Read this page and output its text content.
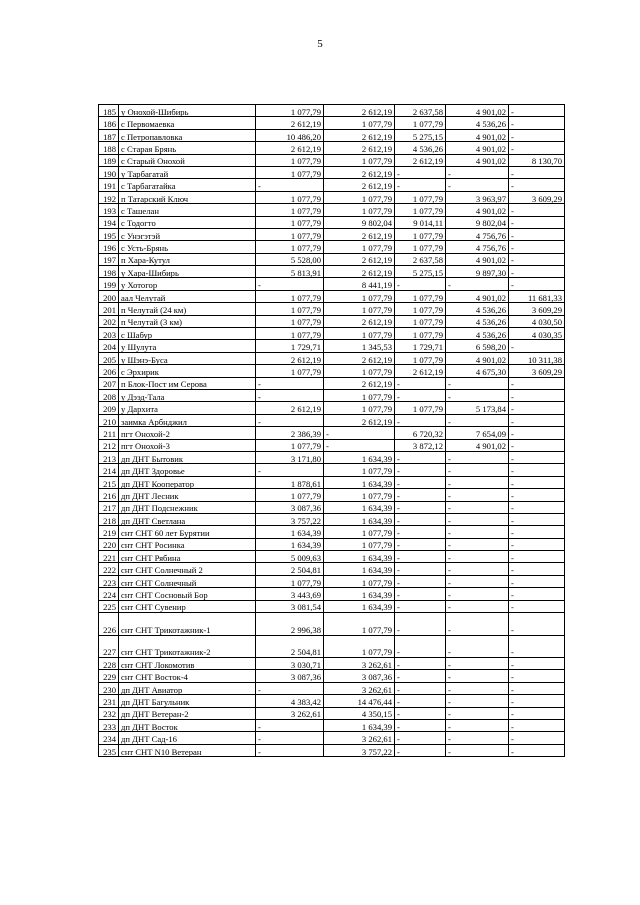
5
185	у Онохой-Шибирь	1 077,79	2 612,19	2 637,58	4 901,02	-

186	с Первомаевка	2 612,19	1 077,79	1 077,79	4 536,26	-

187	с Петропавловка	10 486,20	2 612,19	5 275,15	4 901,02	-

188	с Старая Брянь	2 612,19	2 612,19	4 536,26	4 901,02	-

189	с Старый Онохой	1 077,79	1 077,79	2 612,19	4 901,02	8 130,70
190	у Тарбагатай	1 077,79	2 612,19	-	-	-

191	с Тарбагатайка	-	2 612,19	-	-	-

192	п Татарский Ключ	1 077,79	1 077,79	1 077,79	3 963,97	3 609,29
193	с Ташелан	1 077,79	1 077,79	1 077,79	4 901,02	-

194	с Тодогто	1 077,79	9 802,04	9 014,11	9 802,04	-

195	с Унэгэтэй	1 077,79	2 612,19	1 077,79	4 756,76	-

196	с Усть-Брянь	1 077,79	1 077,79	1 077,79	4 756,76	-

197	п Хара-Кутул	5 528,00	2 612,19	2 637,58	4 901,02	-

198	у Хара-Шибирь	5 813,91	2 612,19	5 275,15	9 897,30	-

199	у Хотогор	-	8 441,19	-	-	-

200	аал Челутай	1 077,79	1 077,79	1 077,79	4 901,02	11 681,33
201	п Челутай (24 км)	1 077,79	1 077,79	1 077,79	4 536,26	3 609,29
202	п Челутай (3 км)	1 077,79	2 612,19	1 077,79	4 536,26	4 030,50
203	с Шабур	1 077,79	1 077,79	1 077,79	4 536,26	4 030,35
204	у Шулута	1 729,71	1 345,53	1 729,71	6 598,20	-

205	у Шэнэ-Буса	2 612,19	2 612,19	1 077,79	4 901,02	10 311,38
206	с Эрхирик	1 077,79	1 077,79	2 612,19	4 675,30	3 609,29
207	п Блок-Пост им Серова	-	2 612,19	-	-	-

208	у Дээд-Тала	-	1 077,79	-	-	-

209	у Дархита	2 612,19	1 077,79	1 077,79	5 173,84	-

210	заимка Арбнджил	-	2 612,19	-	-	-

211	пгт Онохой-2	2 386,39	-	6 720,32	7 654,09	-

212	пгт Онохой-3	1 077,79	-	3 872,12	4 901,02	-

213	дп ДНТ Бытовик	3 171,80	1 634,39	-	-	-

214	дп ДНТ Здоровье	-	1 077,79	-	-	-

215	дп ДНТ Кооператор	1 878,61	1 634,39	-	-	-

216	дп ДНТ Лесник	1 077,79	1 077,79	-	-	-

217	дп ДНТ Подснежник	3 087,36	1 634,39	-	-	-

218	дп ДНТ Светлана	3 757,22	1 634,39	-	-	-

219	снт СНТ 60 лет Бурятии	1 634,39	1 077,79	-	-	-

220	снт СНТ Росинка	1 634,39	1 077,79	-	-	-

221	снт СНТ Рябина	5 009,63	1 634,39	-	-	-

222	снт СНТ Солнечный 2	2 504,81	1 634,39	-	-	-

223	снт СНТ Солнечный	1 077,79	1 077,79	-	-	-

224	снт СНТ Сосновый Бор	3 443,69	1 634,39	-	-	-

225	снт СНТ Сувенир	3 081,54	1 634,39	-	-	-

226	снт СНТ Трикотажник-1	2 996,38	1 077,79	-	-	-

227	снт СНТ Трикотажник-2	2 504,81	1 077,79	-	-	-

228	снт СНТ Локомотив	3 030,71	3 262,61	-	-	-

229	снт СНТ Восток-4	3 087,36	3 087,36	-	-	-

230	дп ДНТ Авиатор	-	3 262,61	-	-	-

231	дп ДНТ Багульник	4 383,42	14 476,44	-	-	-

232	дп ДНТ Ветеран-2	3 262,61	4 350,15	-	-	-

233	дп ДНТ Восток	-	1 634,39	-	-	-

234	дп ДНТ Сад-16	-	3 262,61	-	-	-

235	снт СНТ N10 Ветеран	-	3 757,22	-	-	-
